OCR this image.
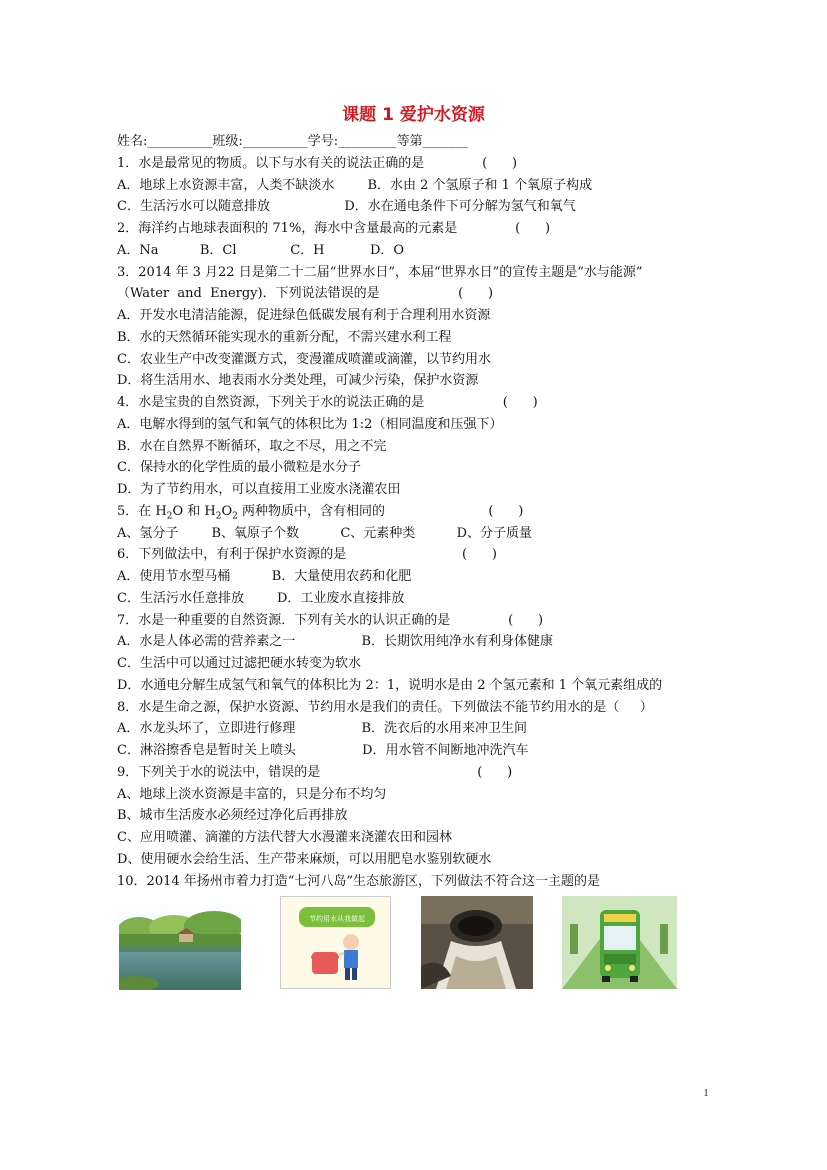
课题 1 爱护水资源
姓名:__________班级:__________学号:_________等第_______
1．水是最常见的物质。以下与水有关的说法正确的是              (      )
A．地球上水资源丰富，人类不缺淡水        B．水由 2 个氢原子和 1 个氧原子构成
C．生活污水可以随意排放                  D．水在通电条件下可分解为氢气和氧气
2．海洋约占地球表面积的 71%，海水中含量最高的元素是              (      )
A．Na          B．Cl             C．H           D．O
3．2014 年 3 月22 日是第二十二届“世界水日”，本届“世界水日”的宣传主题是“水与能源”
（Water  and  Energy)．下列说法错误的是                   (      )
A．开发水电清洁能源，促进绿色低碳发展有利于合理利用水资源
B．水的天然循环能实现水的重新分配，不需兴建水利工程
C．农业生产中改变灌溉方式，变漫灌成喷灌或滴灌，以节约用水
D．将生活用水、地表雨水分类处理，可减少污染，保护水资源
4．水是宝贵的自然资源，下列关于水的说法正确的是                   (      )
A．电解水得到的氢气和氧气的体积比为 1:2（相同温度和压强下）
B．水在自然界不断循环，取之不尽，用之不完
C．保持水的化学性质的最小微粒是水分子
D．为了节约用水，可以直接用工业废水浇灌农田
5．在 $H_2O$ 和 $H_2O_2$ 两种物质中，含有相同的                         (      )
A、氢分子        B、氧原子个数          C、元素种类          D、分子质量
6．下列做法中，有利于保护水资源的是                            (      )
A．使用节水型马桶          B．大量使用农药和化肥
C．生活污水任意排放        D．工业废水直接排放
7．水是一种重要的自然资源．下列有关水的认识正确的是              (      )
A．水是人体必需的营养素之一                B．长期饮用纯净水有利身体健康
C．生活中可以通过过滤把硬水转变为软水
D．水通电分解生成氢气和氧气的体积比为 2：1，说明水是由 2 个氢元素和 1 个氧元素组成的
8．水是生命之源，保护水资源、节约用水是我们的责任。下列做法不能节约用水的是（     ）
A．水龙头坏了，立即进行修理                B．洗衣后的水用来冲卫生间
C．淋浴擦香皂是暂时关上喷头                D．用水管不间断地冲洗汽车
9．下列关于水的说法中，错误的是                                      (      )
A、地球上淡水资源是丰富的，只是分布不均匀
B、城市生活废水必须经过净化后再排放
C、应用喷灌、滴灌的方法代替大水漫灌来浇灌农田和园林
D、使用硬水会给生活、生产带来麻烦，可以用肥皂水鉴别软硬水
10．2014 年扬州市着力打造“七河八岛”生态旅游区，下列做法不符合这一主题的是
节约用水从我做起
1
